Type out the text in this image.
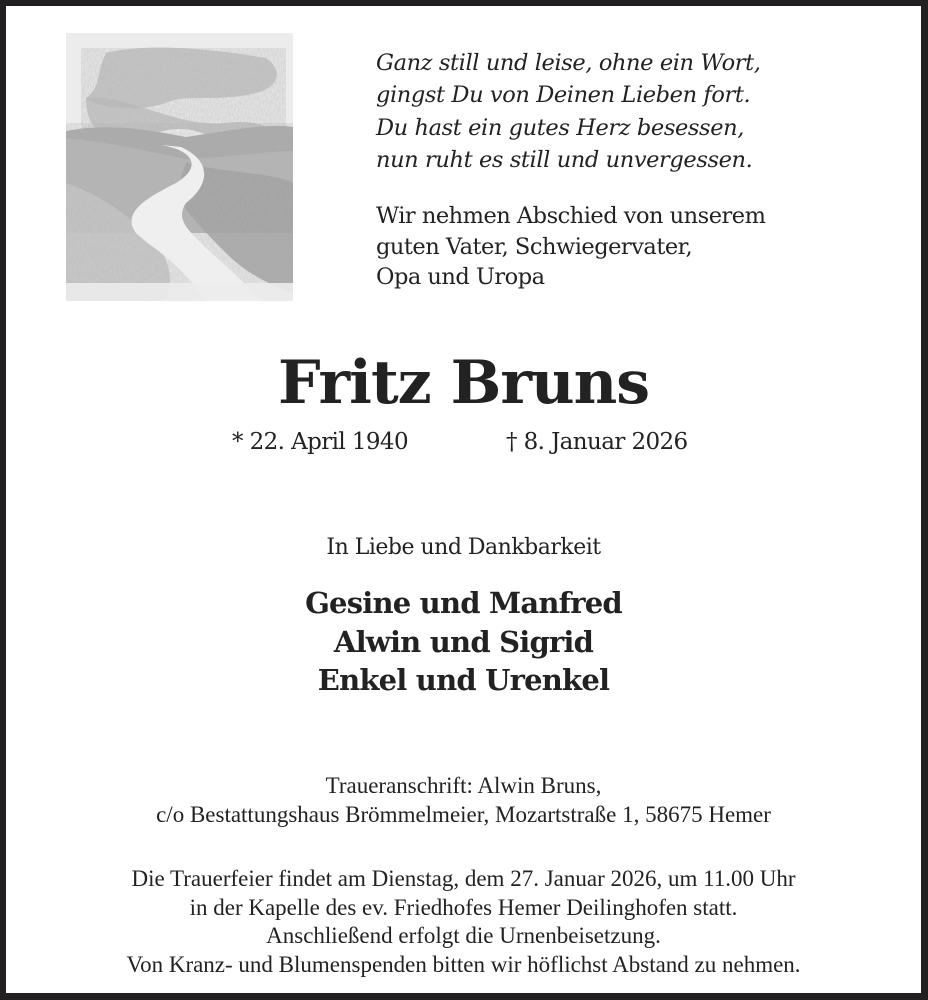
Ganz still und leise, ohne ein Wort,
gingst Du von Deinen Lieben fort.
Du hast ein gutes Herz besessen,
nun ruht es still und unvergessen.
Wir nehmen Abschied von unserem
guten Vater, Schwiegervater,
Opa und Uropa
Fritz Bruns
* 22. April 1940	† 8. Januar 2026
In Liebe und Dankbarkeit
Gesine und Manfred
Alwin und Sigrid
Enkel und Urenkel
Traueranschrift: Alwin Bruns,
c/o Bestattungshaus Brömmelmeier, Mozartstraße 1, 58675 Hemer
Die Trauerfeier findet am Dienstag, dem 27. Januar 2026, um 11.00 Uhr
in der Kapelle des ev. Friedhofes Hemer Deilinghofen statt.
Anschließend erfolgt die Urnenbeisetzung.
Von Kranz- und Blumenspenden bitten wir höflichst Abstand zu nehmen.
